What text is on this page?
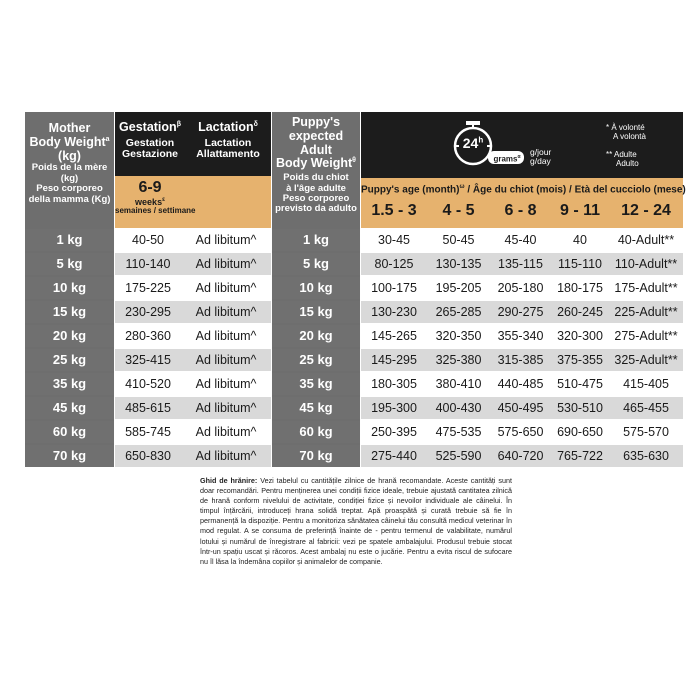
Mother
Body Weight$^a$ (kg)
Poids de la mère (kg)
Peso corporeo
della mamma (Kg)
Gestation$^\beta$
Gestation
Gestazione
Lactation$^\delta$
Lactation
Allattamento
6-9
weeks$^\varepsilon$
semaines / settimane
Puppy's
expected Adult
Body Weight$^\theta$
Poids du chiot
à l'âge adulte
Peso corporeo
previsto da adulto
24$^h$
grams$^\alpha$	g/jour
g/day
* À volonté
A volontà
** Adulte
Adulto
Puppy's age (month)$^\omega$ / Âge du chiot (mois) / Età del cucciolo (mese)
1.5 - 3	4 - 5	6 - 8	9 - 11	12 - 24
1 kg	40-50	Ad libitum^	1 kg	30-45	50-45	45-40	40	40-Adult**
5 kg	110-140	Ad libitum^	5 kg	80-125	130-135	135-115	115-110	110-Adult**
10 kg	175-225	Ad libitum^	10 kg	100-175	195-205	205-180	180-175 175-Adult**
15 kg	230-295	Ad libitum^	15 kg	130-230	265-285	290-275	260-245 225-Adult**
20 kg	280-360	Ad libitum^	20 kg	145-265	320-350	355-340	320-300 275-Adult**
25 kg	325-415	Ad libitum^	25 kg	145-295	325-380	315-385	375-355 325-Adult**
35 kg	410-520	Ad libitum^	35 kg	180-305	380-410	440-485	510-475	415-405
45 kg	485-615	Ad libitum^	45 kg	195-300	400-430	450-495	530-510	465-455
60 kg	585-745	Ad libitum^	60 kg	250-395	475-535	575-650	690-650	575-570
70 kg	650-830	Ad libitum^	70 kg	275-440	525-590	640-720	765-722	635-630
Ghid de hrănire: Vezi tabelul cu cantitățile zilnice de hrană recomandate. Aceste cantități sunt doar recomandări. Pentru menținerea unei condiții fizice ideale, trebuie ajustată cantitatea zilnică de hrană conform nivelului de activitate, condiției fizice și nevoilor individuale ale câinelui. În timpul înțărcării, introduceți hrana solidă treptat. Apă proaspătă și curată trebuie să fie în permanență la dispoziție. Pentru a monitoriza sănătatea câinelui tău consultă medicul veterinar în mod regulat. A se consuma de preferință înainte de - pentru termenul de valabilitate, numărul lotului și numărul de înregistrare al fabricii: vezi pe spatele ambalajului. Produsul trebuie stocat într-un spațiu uscat și răcoros. Acest ambalaj nu este o jucărie. Pentru a evita riscul de sufocare nu îl lăsa la îndemâna copiilor și animalelor de companie.
